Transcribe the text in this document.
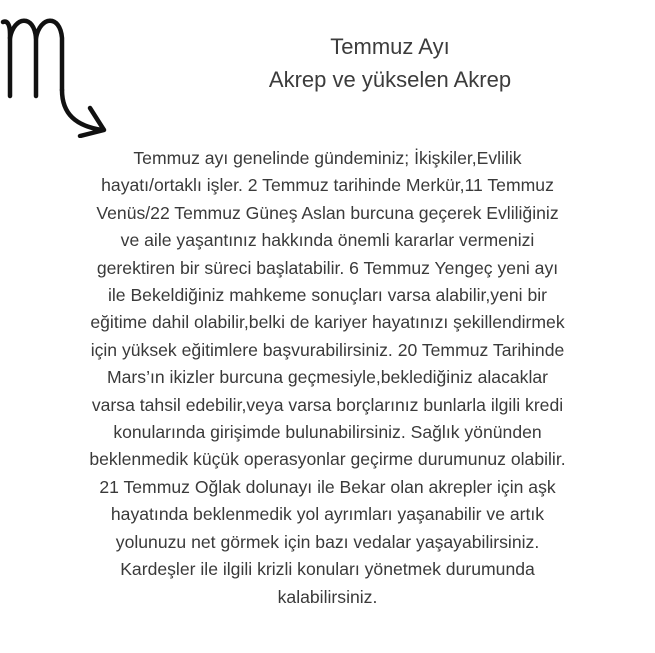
Temmuz Ayı
Akrep ve yükselen Akrep

Temmuz ayı genelinde gündeminiz; İkişkiler,Evlilik

hayatı/ortaklı işler. 2 Temmuz tarihinde Merkür,11 Temmuz

Venüs/22 Temmuz Güneş Aslan burcuna geçerek Evliliğiniz

ve aile yaşantınız hakkında önemli kararlar vermenizi

gerektiren bir süreci başlatabilir. 6 Temmuz Yengeç yeni ayı

ile Bekeldiğiniz mahkeme sonuçları varsa alabilir,yeni bir

eğitime dahil olabilir,belki de kariyer hayatınızı şekillendirmek

için yüksek eğitimlere başvurabilirsiniz. 20 Temmuz Tarihinde

Mars’ın ikizler burcuna geçmesiyle,beklediğiniz alacaklar

varsa tahsil edebilir,veya varsa borçlarınız bunlarla ilgili kredi

konularında girişimde bulunabilirsiniz. Sağlık yönünden

beklenmedik küçük operasyonlar geçirme durumunuz olabilir.

21 Temmuz Oğlak dolunayı ile Bekar olan akrepler için aşk

hayatında beklenmedik yol ayrımları yaşanabilir ve artık

yolunuzu net görmek için bazı vedalar yaşayabilirsiniz.

Kardeşler ile ilgili krizli konuları yönetmek durumunda

kalabilirsiniz.
